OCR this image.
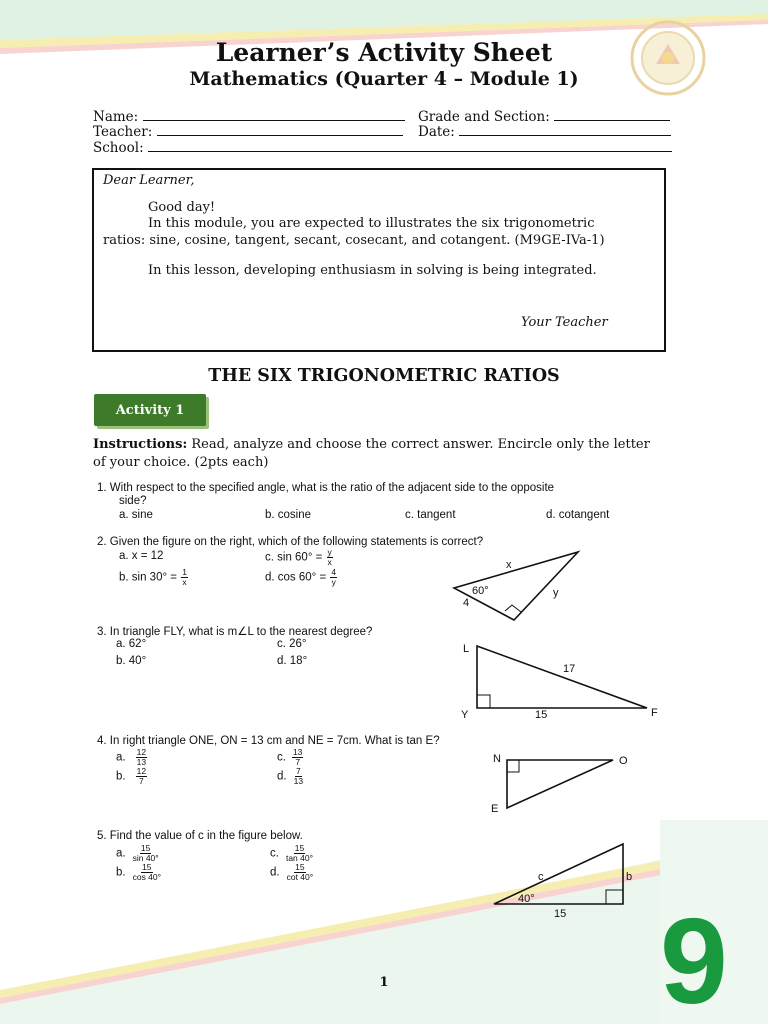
Learner’s Activity Sheet
Mathematics (Quarter 4 – Module 1)
Name:	Grade and Section:
Teacher:	Date:
School:
Dear Learner,
Good day!
In this module, you are expected to illustrates the six trigonometric
ratios: sine, cosine, tangent, secant, cosecant, and cotangent. (M9GE-IVa-1)
In this lesson, developing enthusiasm in solving is being integrated.
Your Teacher
THE SIX TRIGONOMETRIC RATIOS
Activity 1
Instructions: Read, analyze and choose the correct answer. Encircle only the letter
of your choice. (2pts each)
1. With respect to the specified angle, what is the ratio of the adjacent side to the opposite
side?
a. sine	b. cosine	c. tangent	d. cotangent
2. Given the figure on the right, which of the following statements is correct?
a. x = 12	c. $\sin 60^\circ = \frac{y}{x}$
b. $\sin 30^\circ = \frac{1}{x}$	d. $\cos 60^\circ = \frac{4}{y}$
x
60°
4
y
3. In triangle FLY, what is m∠L to the nearest degree?
a. 62°	c. 26°
b. 40°	d. 18°
L
Y	F
17
15
4. In right triangle ONE, ON = 13 cm and NE = 7cm. What is tan E?
a. $\frac{12}{13}$	c. $\frac{13}{7}$
b. $\frac{12}{7}$	d. $\frac{7}{13}$
N	O
E
5. Find the value of c in the figure below.
a. $\frac{15}{\sin 40^\circ}$	c. $\frac{15}{\tan 40^\circ}$
b. $\frac{15}{\cos 40^\circ}$	d. $\frac{15}{\cot 40^\circ}$	c	b
40°
15
1	9
